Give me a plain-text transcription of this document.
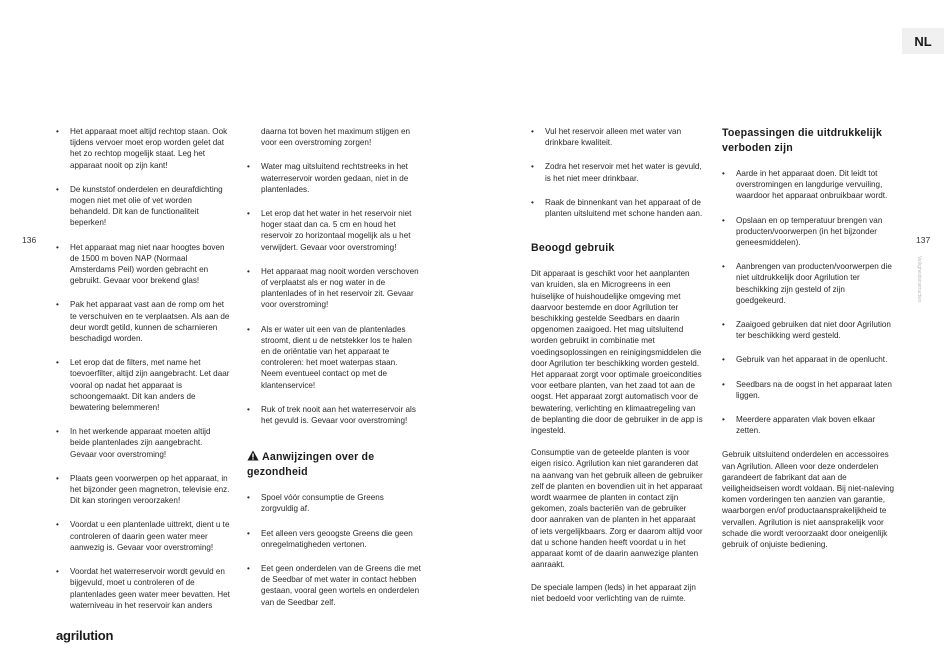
NL
Veiligheidsinstructies
136	137
• Het apparaat moet altijd rechtop staan. Ook tijdens vervoer moet erop worden gelet dat het zo rechtop mogelijk staat. Leg het apparaat nooit op zijn kant!
• De kunststof onderdelen en deurafdichting mogen niet met olie of vet worden behandeld. Dit kan de functionaliteit beperken!
• Het apparaat mag niet naar hoogtes boven de 1500 m boven NAP (Normaal Amsterdams Peil) worden gebracht en gebruikt. Gevaar voor brekend glas!
• Pak het apparaat vast aan de romp om het te verschuiven en te verplaatsen. Als aan de deur wordt getild, kunnen de scharnieren beschadigd worden.
• Let erop dat de filters, met name het toevoerfilter, altijd zijn aangebracht. Let daar vooral op nadat het apparaat is schoongemaakt. Dit kan anders de bewatering belemmeren!
• In het werkende apparaat moeten altijd beide plantenlades zijn aangebracht. Gevaar voor overstroming!
• Plaats geen voorwerpen op het apparaat, in het bijzonder geen magnetron, televisie enz. Dit kan storingen veroorzaken!
• Voordat u een plantenlade uittrekt, dient u te controleren of daarin geen water meer aanwezig is. Gevaar voor overstroming!
• Voordat het waterreservoir wordt gevuld en bijgevuld, moet u controleren of de plantenlades geen water meer bevatten. Het waterniveau in het reservoir kan anders
daarna tot boven het maximum stijgen en voor een overstroming zorgen!
• Water mag uitsluitend rechtstreeks in het waterreservoir worden gedaan, niet in de plantenlades.
• Let erop dat het water in het reservoir niet hoger staat dan ca. 5 cm en houd het reservoir zo horizontaal mogelijk als u het verwijdert. Gevaar voor overstroming!
• Het apparaat mag nooit worden verschoven of verplaatst als er nog water in de plantenlades of in het reservoir zit. Gevaar voor overstroming!
• Als er water uit een van de plantenlades stroomt, dient u de netstekker los te halen en de oriëntatie van het apparaat te controleren: het moet waterpas staan. Neem eventueel contact op met de klantenservice!
• Ruk of trek nooit aan het waterreservoir als het gevuld is. Gevaar voor overstroming!
Aanwijzingen over de gezondheid
• Spoel vóór consumptie de Greens zorgvuldig af.
• Eet alleen vers geoogste Greens die geen onregelmatigheden vertonen.
• Eet geen onderdelen van de Greens die met de Seedbar of met water in contact hebben gestaan, vooral geen wortels en onderdelen van de Seedbar zelf.
• Vul het reservoir alleen met water van drinkbare kwaliteit.
• Zodra het reservoir met het water is gevuld, is het niet meer drinkbaar.
• Raak de binnenkant van het apparaat of de planten uitsluitend met schone handen aan.
Beoogd gebruik
Dit apparaat is geschikt voor het aanplanten van kruiden, sla en Microgreens in een huiselijke of huishoudelijke omgeving met daarvoor bestemde en door Agrilution ter beschikking gestelde Seedbars en daarin opgenomen zaaigoed. Het mag uitsluitend worden gebruikt in combinatie met voedingsoplossingen en reinigingsmiddelen die door Agrilution ter beschikking worden gesteld. Het apparaat zorgt voor optimale groeicondities voor eetbare planten, van het zaad tot aan de oogst. Het apparaat zorgt automatisch voor de bewatering, verlichting en klimaatregeling van de beplanting die door de gebruiker in de app is ingesteld.
Consumptie van de geteelde planten is voor eigen risico. Agrilution kan niet garanderen dat na aanvang van het gebruik alleen de gebruiker zelf de planten en bovendien uit in het apparaat wordt waarmee de planten in contact zijn gekomen, zoals bacteriën van de gebruiker door aanraken van de planten in het apparaat of iets vergelijkbaars. Zorg er daarom altijd voor dat u schone handen heeft voordat u in het apparaat komt of de daarin aanwezige planten aanraakt.
De speciale lampen (leds) in het apparaat zijn niet bedoeld voor verlichting van de ruimte.
Toepassingen die uitdrukkelijk verboden zijn
• Aarde in het apparaat doen. Dit leidt tot overstromingen en langdurige vervuiling, waardoor het apparaat onbruikbaar wordt.
• Opslaan en op temperatuur brengen van producten/voorwerpen (in het bijzonder geneesmiddelen).
• Aanbrengen van producten/voorwerpen die niet uitdrukkelijk door Agrilution ter beschikking zijn gesteld of zijn goedgekeurd.
• Zaaigoed gebruiken dat niet door Agrilution ter beschikking werd gesteld.
• Gebruik van het apparaat in de openlucht.
• Seedbars na de oogst in het apparaat laten liggen.
• Meerdere apparaten vlak boven elkaar zetten.
Gebruik uitsluitend onderdelen en accessoires van Agrilution. Alleen voor deze onderdelen garandeert de fabrikant dat aan de veiligheidseisen wordt voldaan. Bij niet-naleving komen vorderingen ten aanzien van garantie, waarborgen en/of productaansprakelijkheid te vervallen. Agrilution is niet aansprakelijk voor schade die wordt veroorzaakt door oneigenlijk gebruik of onjuiste bediening.
agrilution
